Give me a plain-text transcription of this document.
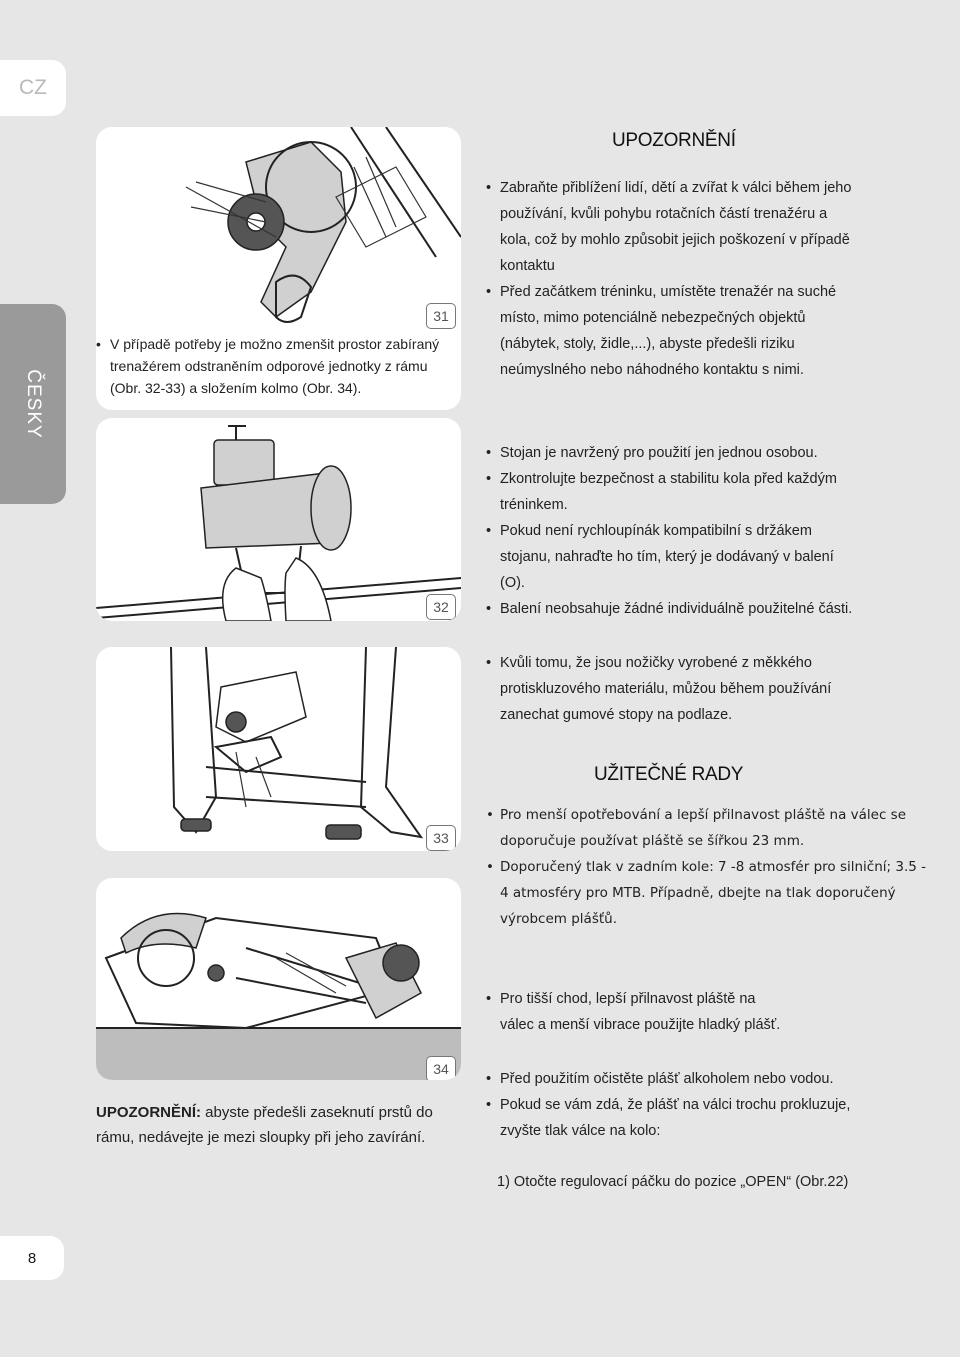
CZ
ČESKY
8
31
• V případě potřeby je možno zmenšit prostor zabíraný trenažérem odstraněním odporové jednotky z rámu (Obr. 32-33) a složením kolmo (Obr. 34).
32
33
34
UPOZORNĚNÍ: abyste předešli zaseknutí prstů do rámu, nedávejte je mezi sloupky při jeho zavírání.
UPOZORNĚNÍ
• Zabraňte přiblížení lidí, dětí a zvířat k válci během jeho používání, kvůli pohybu rotačních částí trenažéru a kola, což by mohlo způsobit jejich poškození v případě kontaktu
• Před začátkem tréninku, umístěte trenažér na suché místo, mimo potenciálně nebezpečných objektů (nábytek, stoly, židle,...), abyste předešli riziku neúmyslného nebo náhodného kontaktu s nimi.
• Stojan je navržený pro použití jen jednou osobou.
• Zkontrolujte bezpečnost a stabilitu kola před každým tréninkem.
• Pokud není rychloupínák kompatibilní s držákem stojanu, nahraďte ho tím, který je dodávaný v balení (O).
• Balení neobsahuje žádné individuálně použitelné části.
• Kvůli tomu, že jsou nožičky vyrobené z měkkého protiskluzového materiálu, můžou během používání zanechat gumové stopy na podlaze.
UŽITEČNÉ RADY
• Pro menší opotřebování a lepší přilnavost pláště na válec se doporučuje používat pláště se šířkou 23 mm.
• Doporučený tlak v zadním kole: 7 -8 atmosfér pro silniční; 3.5 - 4 atmosféry pro MTB. Případně, dbejte na tlak doporučený výrobcem plášťů.
• Pro tišší chod, lepší přilnavost pláště na válec a menší vibrace použijte hladký plášť.
• Před použitím očistěte plášť alkoholem nebo vodou.
• Pokud se vám zdá, že plášť na válci trochu prokluzuje, zvyšte tlak válce na kolo:
1) Otočte regulovací páčku do pozice „OPEN“ (Obr.22)
